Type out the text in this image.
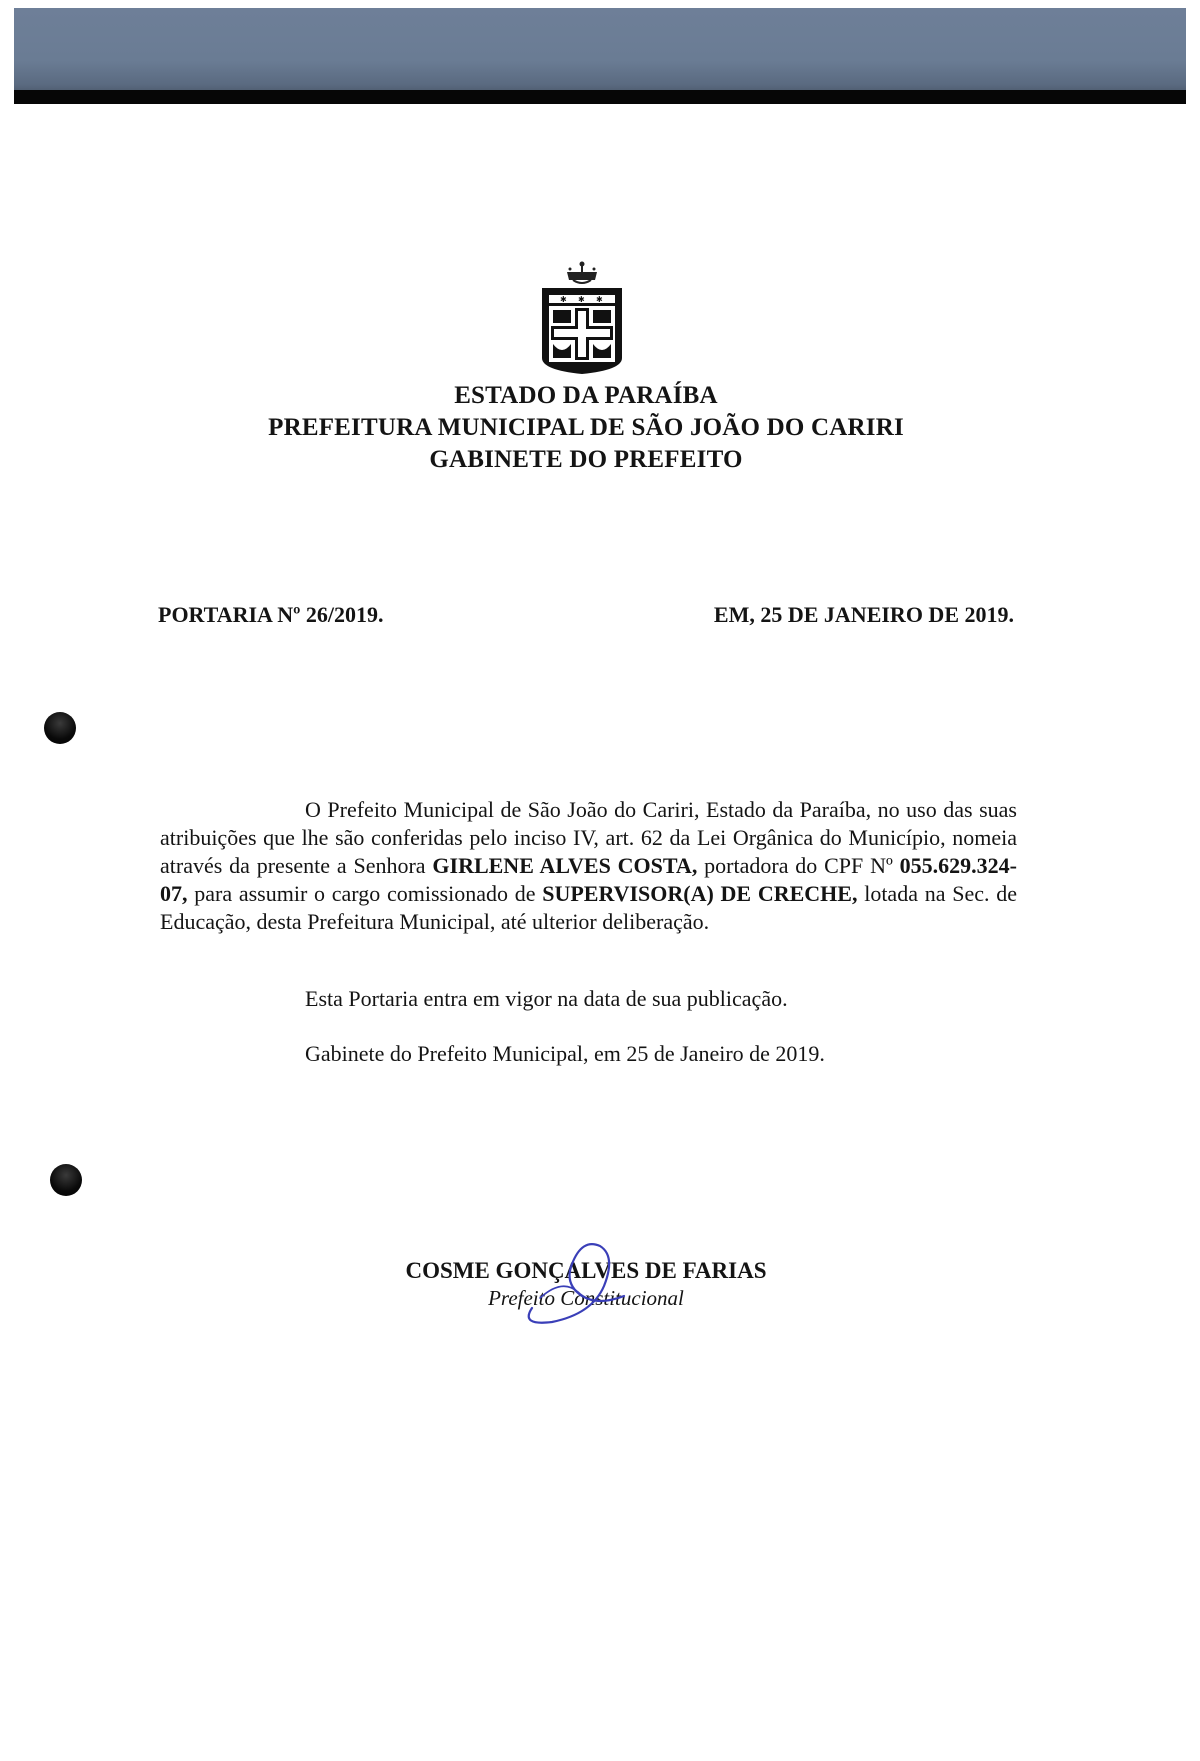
✱ ✱ ✱
ESTADO DA PARAÍBA
PREFEITURA MUNICIPAL DE SÃO JOÃO DO CARIRI
GABINETE DO PREFEITO
PORTARIA Nº 26/2019.	EM, 25 DE JANEIRO DE 2019.
O Prefeito Municipal de São João do Cariri, Estado da Paraíba, no uso das suas atribuições que lhe são conferidas pelo inciso IV, art. 62 da Lei Orgânica do Município, nomeia através da presente a Senhora GIRLENE ALVES COSTA, portadora do CPF Nº 055.629.324-07, para assumir o cargo comissionado de SUPERVISOR(A) DE CRECHE, lotada na Sec. de Educação, desta Prefeitura Municipal, até ulterior deliberação.
Esta Portaria entra em vigor na data de sua publicação.
Gabinete do Prefeito Municipal, em 25 de Janeiro de 2019.
COSME GONÇALVES DE FARIAS
Prefeito Constitucional
